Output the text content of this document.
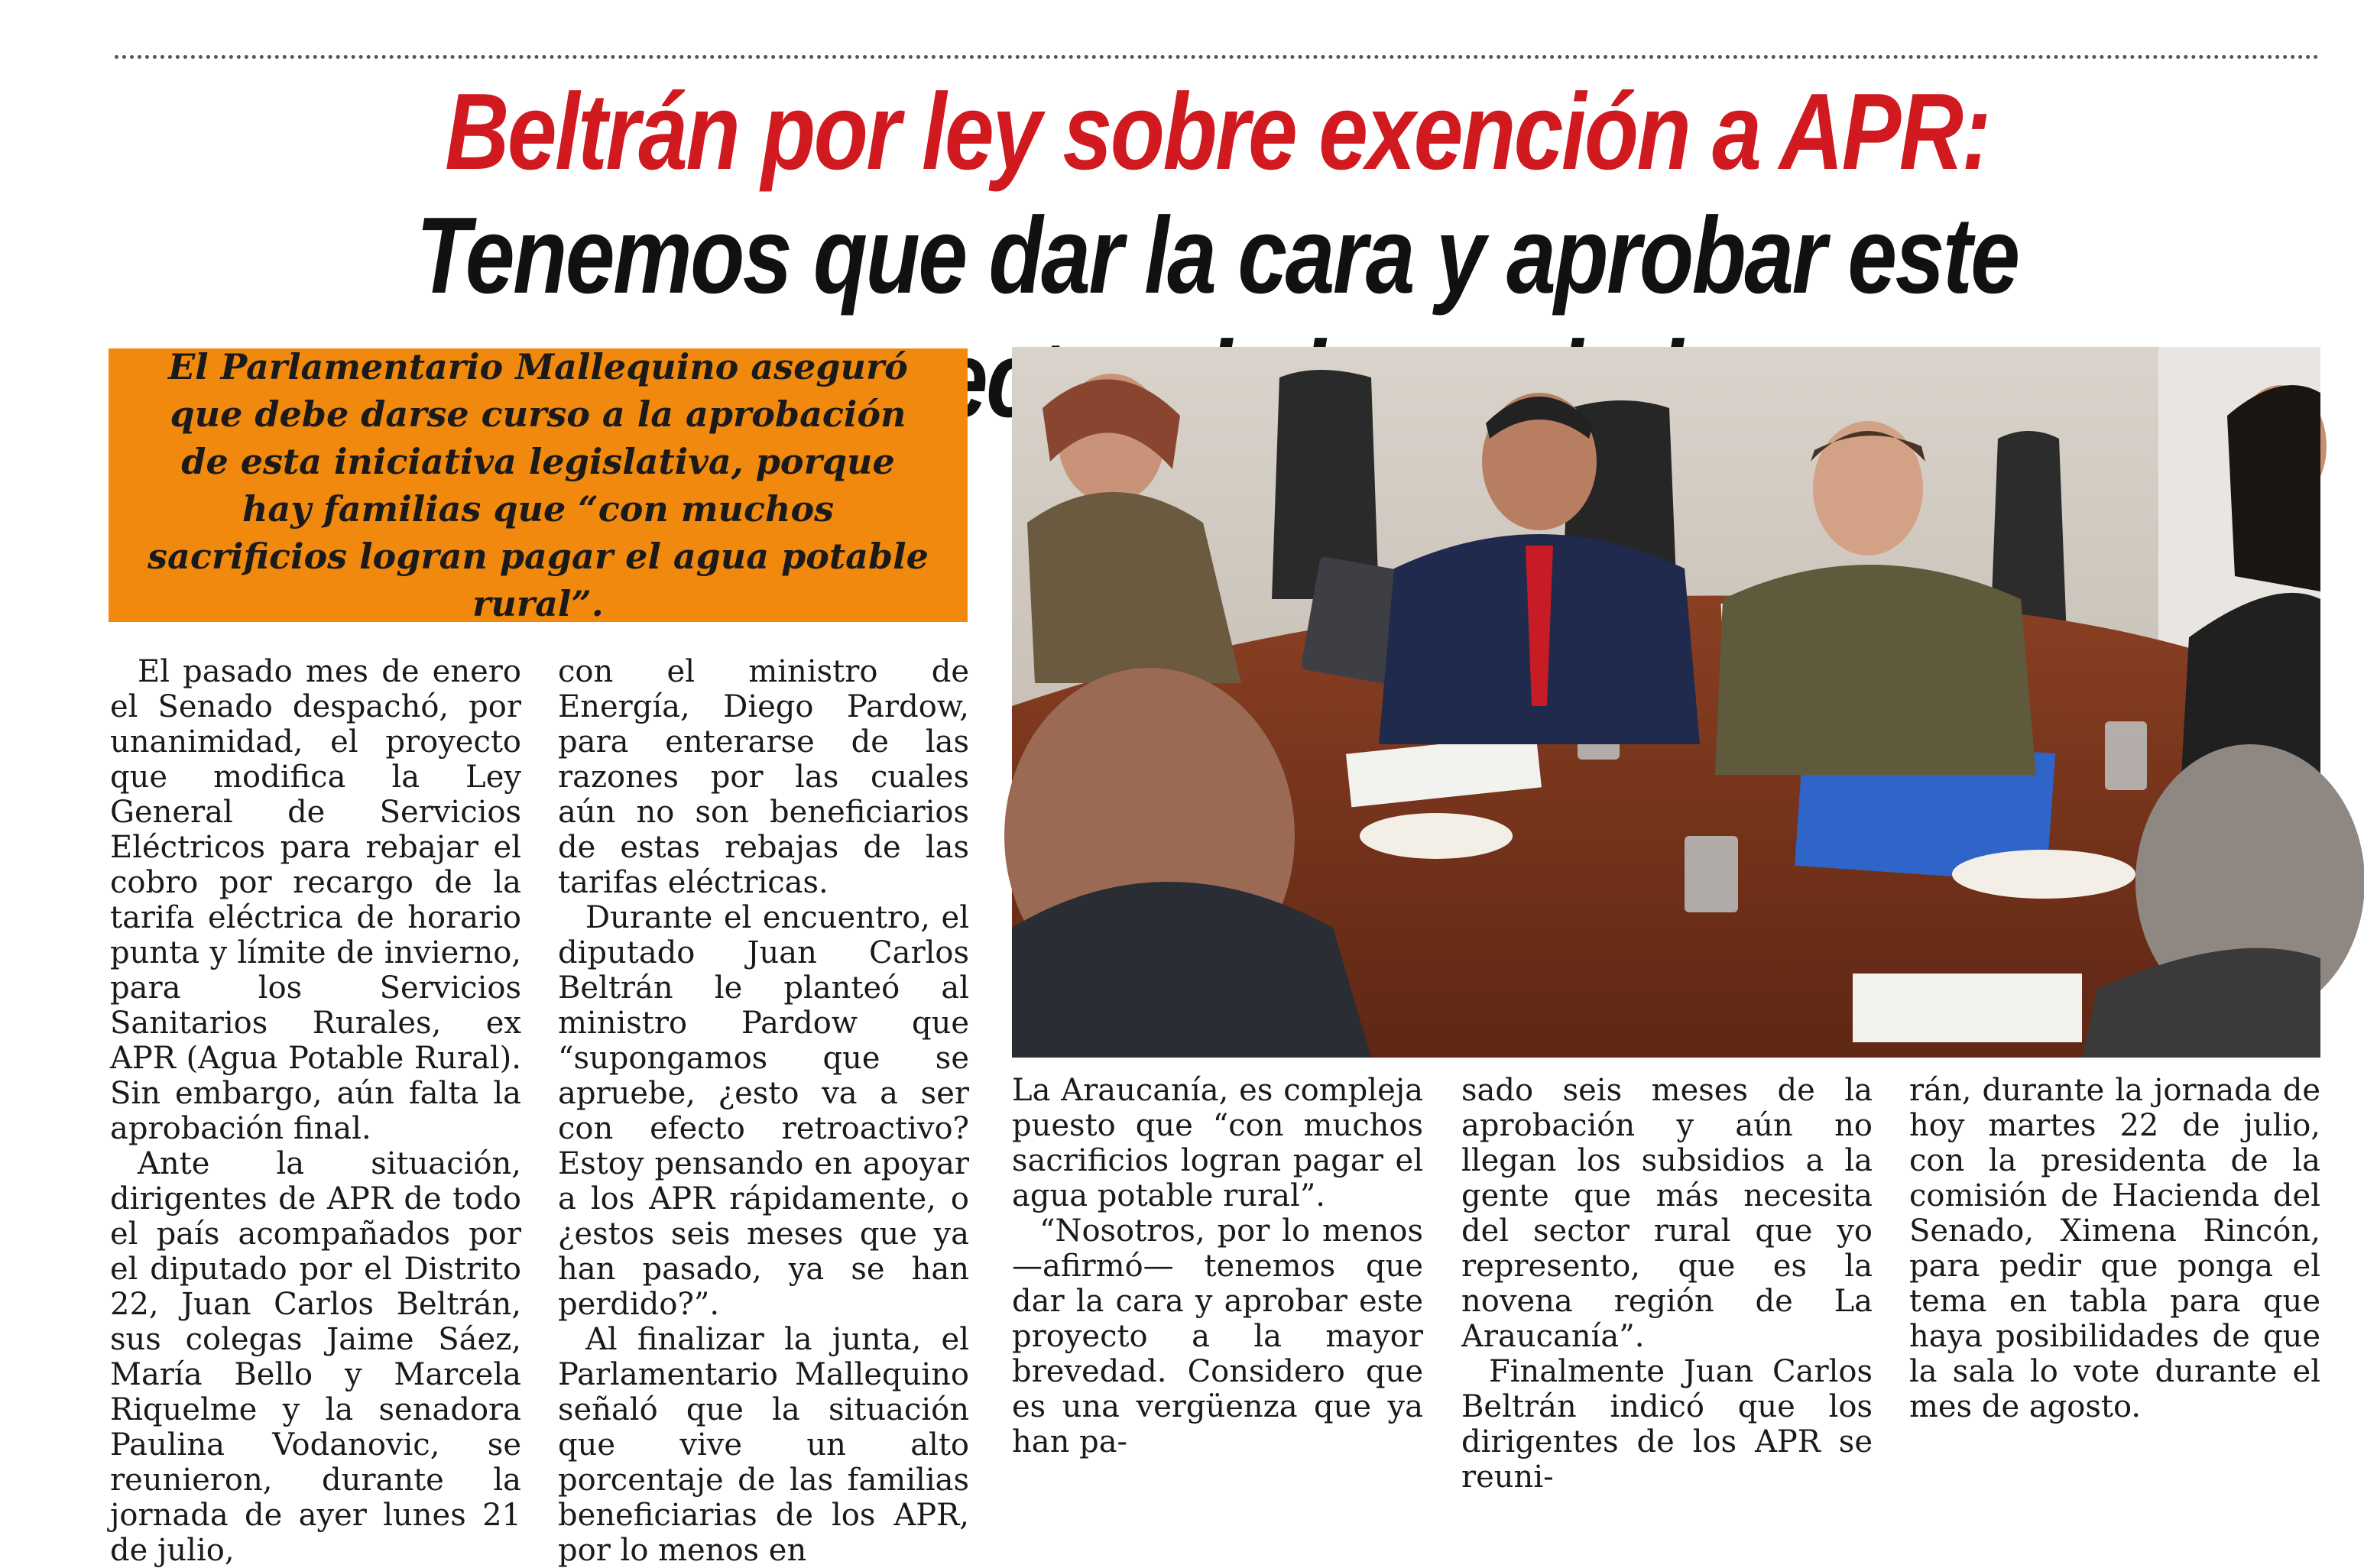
Beltrán por ley sobre exención a APR: Tenemos que dar la cara y aprobar este

El Parlamentario Mallequino aseguró que debe darse curso a la aprobación de esta iniciativa legislativa, porque hay familias que “con muchos sacrificios logran pagar el agua potable rural”.

El pasado mes de enero el Senado despachó, por unanimidad, el proyecto que modifica la Ley General de Servicios Eléctricos para rebajar el cobro por recargo de la tarifa eléctrica de horario punta y límite de invierno, para los Servicios Sanitarios Rurales, ex APR (Agua Potable Rural). Sin embargo, aún falta la aprobación final.

Ante la situación, dirigentes de APR de todo el país acompañados por el diputado por el Distrito 22, Juan Carlos Beltrán, sus colegas Jaime Sáez, María Bello y Marcela Riquelme y la senadora Paulina Vodanovic, se reunieron, durante la jornada de ayer lunes 21 de julio,

con el ministro de Energía, Diego Pardow, para enterarse de las razones por las cuales aún no son beneficiarios de estas rebajas de las tarifas eléctricas.

Durante el encuentro, el diputado Juan Carlos Beltrán le planteó al ministro Pardow que “supongamos que se apruebe, ¿esto va a ser con efecto retroactivo? Estoy pensando en apoyar a los APR rápidamente, o ¿estos seis meses que ya han pasado, ya se han perdido?”.

Al finalizar la junta, el Parlamentario Mallequino señaló que la situación que vive un alto porcentaje de las familias beneficiarias de los APR, por lo menos en

La Araucanía, es compleja puesto que “con muchos sacrificios logran pagar el agua potable rural”.

“Nosotros, por lo menos —afirmó— tenemos que dar la cara y aprobar este proyecto a la mayor brevedad. Considero que es una vergüenza que ya han pa-

sado seis meses de la aprobación y aún no llegan los subsidios a la gente que más necesita del sector rural que yo represento, que es la novena región de La Araucanía”.

Finalmente Juan Carlos Beltrán indicó que los dirigentes de los APR se reuni-

rán, durante la jornada de hoy martes 22 de julio, con la presidenta de la comisión de Hacienda del Senado, Ximena Rincón, para pedir que ponga el tema en tabla para que haya posibilidades de que la sala lo vote durante el mes de agosto.
